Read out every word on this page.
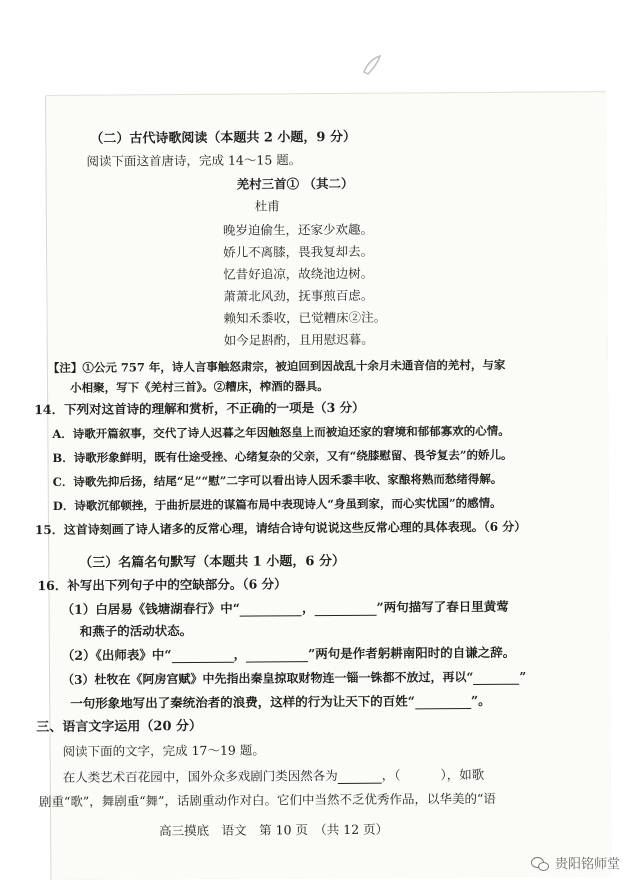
（二）古代诗歌阅读（本题共 2 小题，9 分）
阅读下面这首唐诗，完成 14～15 题。
羌村三首① （其二）
杜甫
晚岁迫偷生，还家少欢趣。
娇儿不离膝，畏我复却去。
忆昔好追凉，故绕池边树。
萧萧北风劲，抚事煎百虑。
赖知禾黍收，已觉糟床②注。
如今足斟酌，且用慰迟暮。
【注】①公元 757 年，诗人言事触怒肃宗，被迫回到因战乱十余月未通音信的羌村，与家
小相聚，写下《羌村三首》。②糟床，榨酒的器具。
14．下列对这首诗的理解和赏析，不正确的一项是（3 分）
A．诗歌开篇叙事，交代了诗人迟暮之年因触怒皇上而被迫还家的窘境和郁郁寡欢的心情。
B．诗歌形象鲜明，既有仕途受挫、心绪复杂的父亲，又有“绕膝慰留、畏爷复去”的娇儿。
C．诗歌先抑后扬，结尾“足”“慰”二字可以看出诗人因禾黍丰收、家酿将熟而愁绪得解。
D．诗歌沉郁顿挫，于曲折层进的谋篇布局中表现诗人“身虽到家，而心实忧国”的感情。
15．这首诗刻画了诗人诸多的反常心理，请结合诗句说说这些反常心理的具体表现。（6 分）
（三）名篇名句默写（本题共 1 小题，6 分）
16．补写出下列句子中的空缺部分。（6 分）
（1）白居易《钱塘湖春行》中“	，	”两句描写了春日里黄莺
和燕子的活动状态。
（2）《出师表》中“	，	”两句是作者躬耕南阳时的自谦之辞。
（3）杜牧在《阿房宫赋》中先指出秦皇掠取财物连一锱一铢都不放过，再以“	”
一句形象地写出了秦统治者的浪费，这样的行为让天下的百姓“	”。
三、语言文字运用（20 分）
阅读下面的文字，完成 17～19 题。
在人类艺术百花园中，国外众多戏剧门类因然各为	，（	），如歌
剧重“歌”，舞剧重“舞”，话剧重动作对白。它们中当然不乏优秀作品，以华美的“语
高三摸底　语文　第 10 页　（共 12 页）
贵阳铭师堂
